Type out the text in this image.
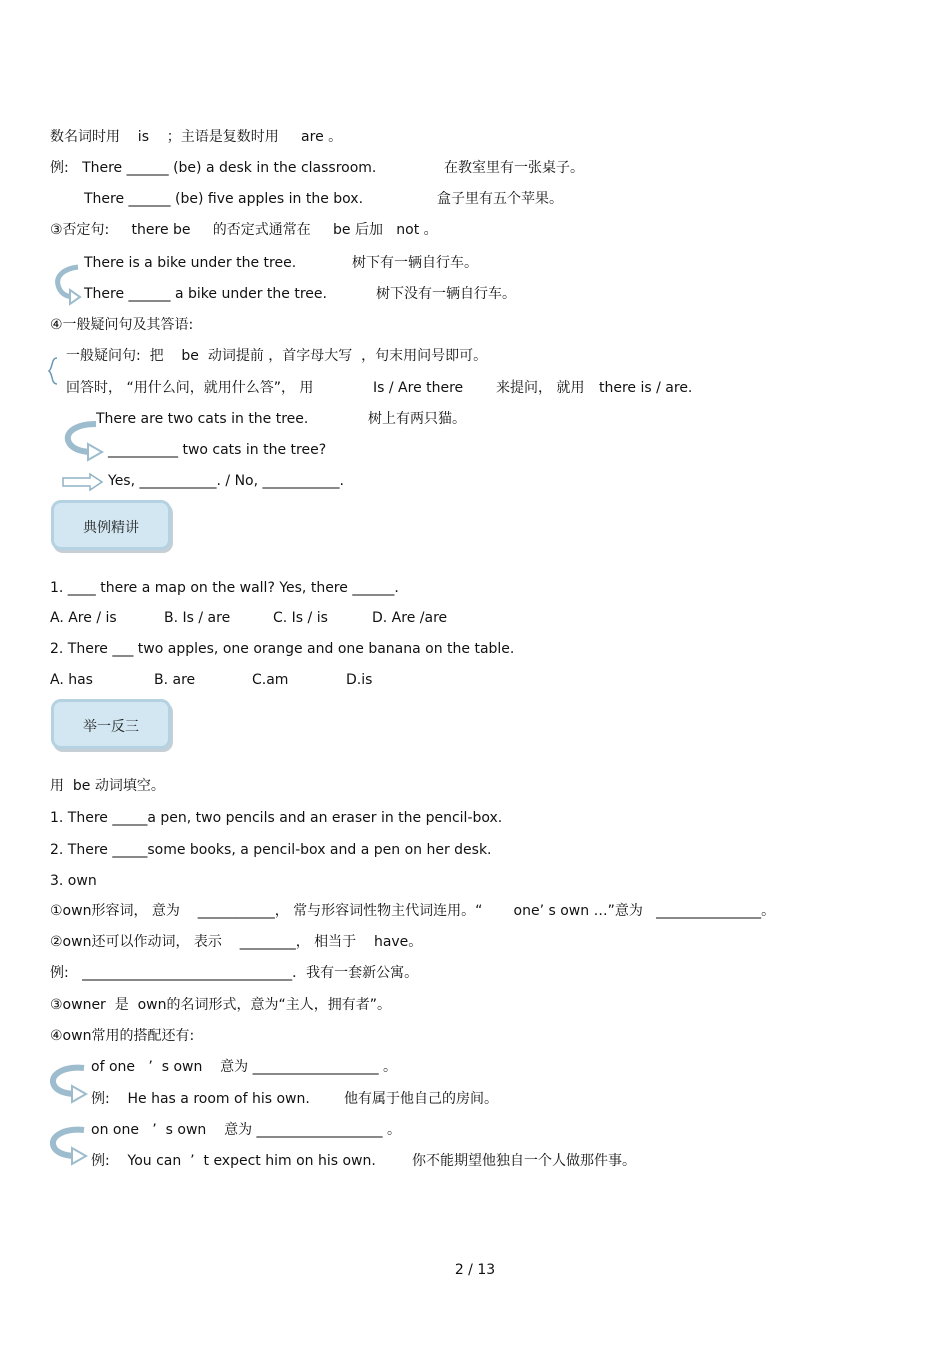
数名词时用    is    ；主语是复数时用     are 。
例:   There ______ (be) a desk in the classroom.	在教室里有一张桌子。
There ______ (be) five apples in the box.	盒子里有五个苹果。
③否定句:     there be     的否定式通常在     be 后加   not 。
There is a bike under the tree.	树下有一辆自行车。
There ______ a bike under the tree.	树下没有一辆自行车。
④一般疑问句及其答语:
一般疑问句:  把    be  动词提前 ，首字母大写  ，句末用问号即可。
回答时， “用什么问，就用什么答”， 用	Is / Are there 来提问， 就用 there is / are.
There are two cats in the tree.	树上有两只猫。
__________ two cats in the tree?
Yes, ___________. / No, ___________.
典例精讲
1. ____ there a map on the wall? Yes, there ______.
A. Are / is	B. Is / are	C. Is / is	D. Are /are
2. There ___ two apples, one orange and one banana on the table.
A. has	B. are	C.am	D.is
举一反三
用  be 动词填空。
1. There _____a pen, two pencils and an eraser in the pencil-box.
2. There _____some books, a pencil-box and a pen on her desk.
3. own
①own形容词， 意为    ___________， 常与形容词性物主代词连用。“       one’ s own …”意为   _______________。
②own还可以作动词， 表示    ________， 相当于    have。
例:   ______________________________．我有一套新公寓。
③owner  是  own的名词形式，意为“主人，拥有者”。
④own常用的搭配还有:
of one   ’  s own    意为 __________________ 。
例:    He has a room of his own. 他有属于他自己的房间。
on one   ’  s own    意为 __________________ 。
例:    You can  ’  t expect him on his own.	你不能期望他独自一个人做那件事。
2 / 13
